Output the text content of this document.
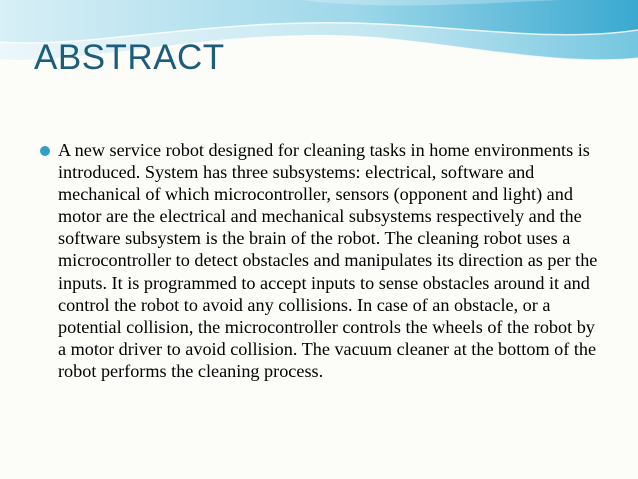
ABSTRACT

A new service robot designed for cleaning tasks in home environments is introduced. System has three subsystems: electrical, software and mechanical of which microcontroller, sensors (opponent and light) and motor are the electrical and mechanical subsystems respectively and the software subsystem is the brain of the robot. The cleaning robot uses a microcontroller to detect obstacles and manipulates its direction as per the inputs. It is programmed to accept inputs to sense obstacles around it and control the robot to avoid any collisions. In case of an obstacle, or a potential collision, the microcontroller controls the wheels of the robot by a motor driver to avoid collision. The vacuum cleaner at the bottom of the robot performs the cleaning process.
